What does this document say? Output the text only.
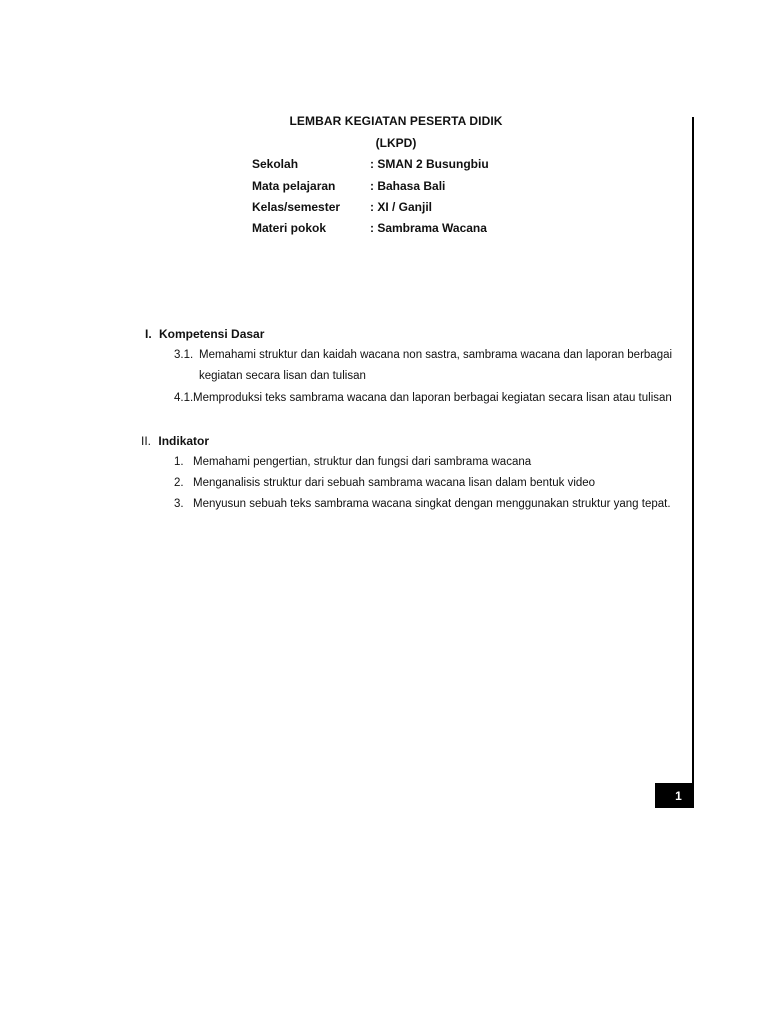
LEMBAR KEGIATAN PESERTA DIDIK
(LKPD)
Sekolah	: SMAN 2 Busungbiu
Mata pelajaran	: Bahasa Bali
Kelas/semester : XI / Ganjil
Materi pokok	: Sambrama Wacana
I. Kompetensi Dasar
3.1. Memahami struktur dan kaidah wacana non sastra, sambrama wacana dan laporan berbagai
kegiatan secara lisan dan tulisan
4.1. Memproduksi teks sambrama wacana dan laporan berbagai kegiatan secara lisan atau tulisan
II. Indikator
1. Memahami pengertian, struktur dan fungsi dari sambrama wacana
2. Menganalisis struktur dari sebuah sambrama wacana lisan dalam bentuk video
3. Menyusun sebuah teks sambrama wacana singkat dengan menggunakan struktur yang tepat.
1
